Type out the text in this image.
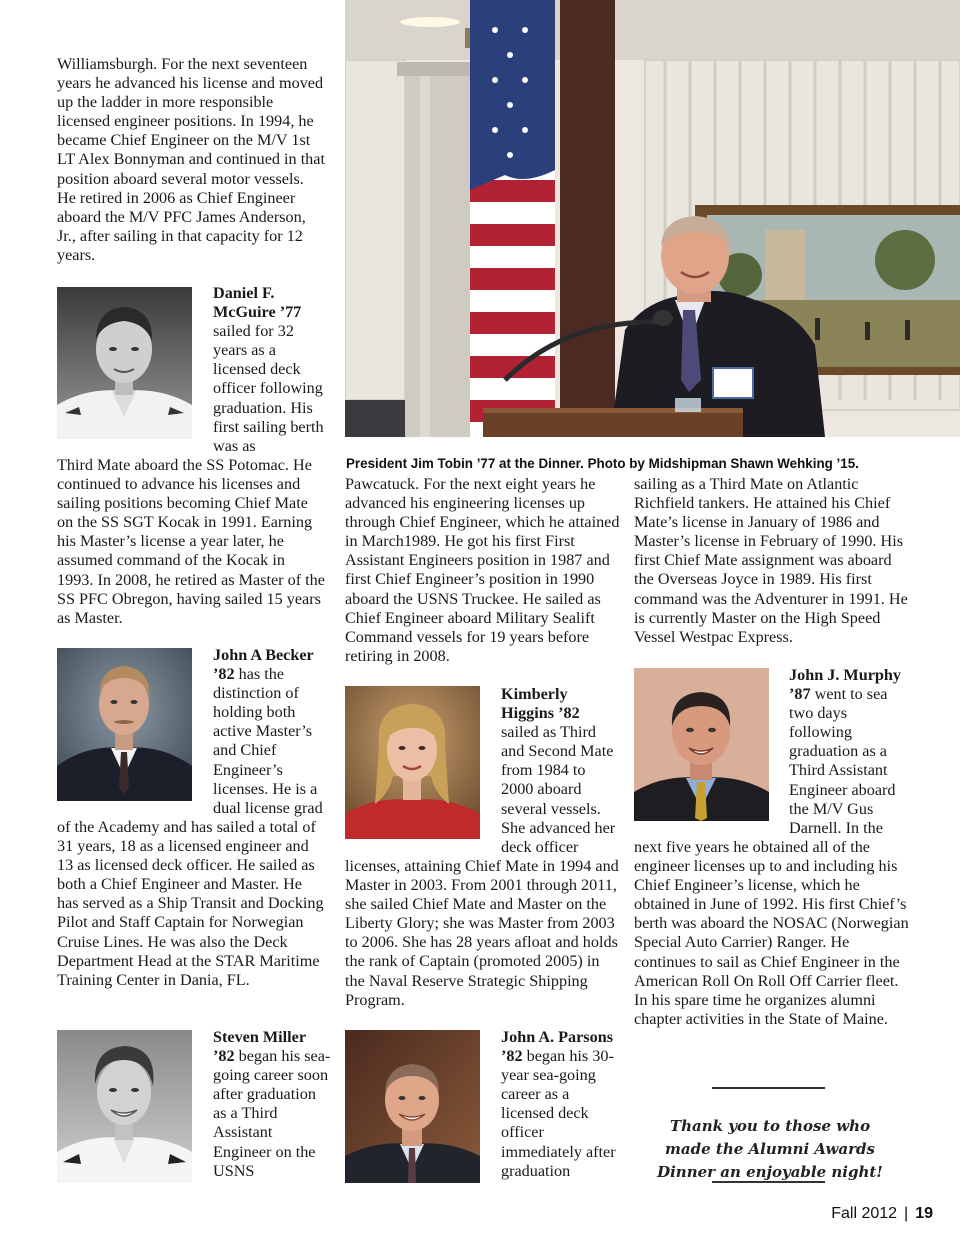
Williamsburgh. For the next seventeen years he advanced his license and moved up the ladder in more responsible licensed engineer positions. In 1994, he became Chief Engineer on the M/V 1st LT Alex Bonnyman and continued in that position aboard several motor vessels. He retired in 2006 as Chief Engineer aboard the M/V PFC James Anderson, Jr., after sailing in that capacity for 12 years.

Daniel F. McGuire ’77 sailed for 32 years as a licensed deck officer following graduation. His first sailing berth was as

Third Mate aboard the SS Potomac. He continued to advance his licenses and sailing positions becoming Chief Mate on the SS SGT Kocak in 1991. Earning his Master’s license a year later, he assumed command of the Kocak in 1993. In 2008, he retired as Master of the SS PFC Obregon, having sailed 15 years as Master.

John A Becker ’82 has the distinction of holding both active Master’s and Chief Engineer’s licenses. He is a dual license grad

of the Academy and has sailed a total of 31 years, 18 as a licensed engineer and 13 as licensed deck officer. He sailed as both a Chief Engineer and Master. He has served as a Ship Transit and Docking Pilot and Staff Captain for Norwegian Cruise Lines. He was also the Deck Department Head at the STAR Maritime Training Center in Dania, FL.

Steven Miller ’82 began his sea-going career soon after graduation as a Third Assistant Engineer on the USNS

President Jim Tobin ’77 at the Dinner. Photo by Midshipman Shawn Wehking ’15.

Pawcatuck. For the next eight years he advanced his engineering licenses up through Chief Engineer, which he attained in March1989. He got his first First Assistant Engineers position in 1987 and first Chief Engineer’s position in 1990 aboard the USNS Truckee. He sailed as Chief Engineer aboard Military Sealift Command vessels for 19 years before retiring in 2008.

Kimberly Higgins ’82 sailed as Third and Second Mate from 1984 to 2000 aboard several vessels. She advanced her deck officer

licenses, attaining Chief Mate in 1994 and Master in 2003. From 2001 through 2011, she sailed Chief Mate and Master on the Liberty Glory; she was Master from 2003 to 2006. She has 28 years afloat and holds the rank of Captain (promoted 2005) in the Naval Reserve Strategic Shipping Program.

John A. Parsons ’82 began his 30-year sea-going career as a licensed deck officer immediately after graduation

sailing as a Third Mate on Atlantic Richfield tankers. He attained his Chief Mate’s license in January of 1986 and Master’s license in February of 1990. His first Chief Mate assignment was aboard the Overseas Joyce in 1989. His first command was the Adventurer in 1991. He is currently Master on the High Speed Vessel Westpac Express.

John J. Murphy ’87 went to sea two days following graduation as a Third Assistant Engineer aboard the M/V Gus Darnell. In the

next five years he obtained all of the engineer licenses up to and including his Chief Engineer’s license, which he obtained in June of 1992. His first Chief’s berth was aboard the NOSAC (Norwegian Special Auto Carrier) Ranger. He continues to sail as Chief Engineer in the American Roll On Roll Off Carrier fleet. In his spare time he organizes alumni chapter activities in the State of Maine.

Thank you to those who made the Alumni Awards Dinner an enjoyable night!

Fall 2012 | 19
